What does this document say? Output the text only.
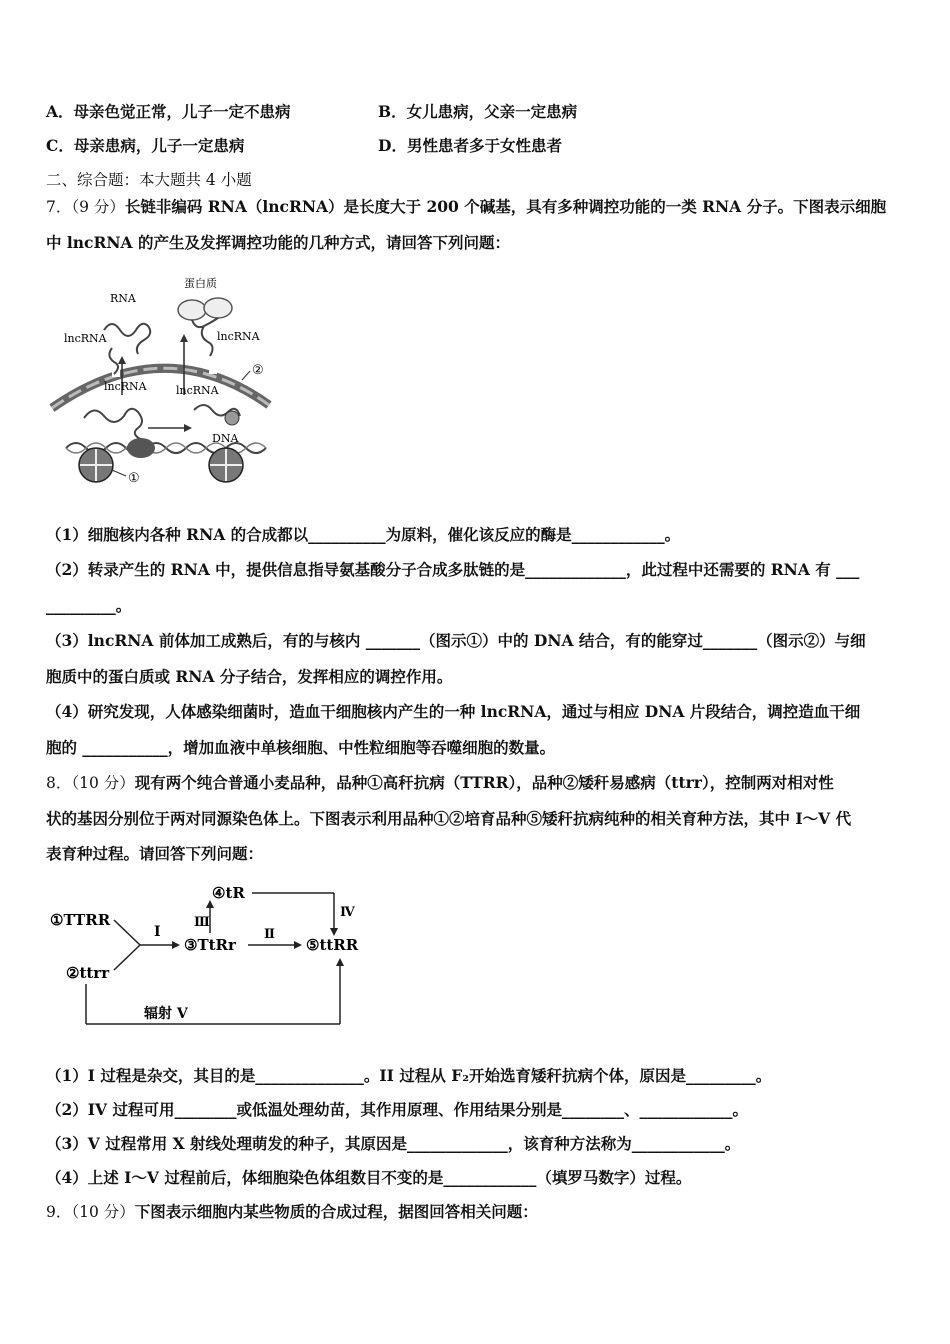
A．母亲色觉正常，儿子一定不患病	B．女儿患病，父亲一定患病
C．母亲患病，儿子一定患病	D．男性患者多于女性患者
二、综合题：本大题共 4 小题
7．（9 分）长链非编码 RNA（lncRNA）是长度大于 200 个碱基，具有多种调控功能的一类 RNA 分子。下图表示细胞
中 lncRNA 的产生及发挥调控功能的几种方式，请回答下列问题：
RNA
lncRNA
蛋白质
lncRNA
②
lncRNA	lncRNA
DNA
①
（1）细胞核内各种 RNA 的合成都以__________为原料，催化该反应的酶是____________。
（2）转录产生的 RNA 中，提供信息指导氨基酸分子合成多肽链的是_____________，此过程中还需要的 RNA 有 ___
_________。
（3）lncRNA 前体加工成熟后，有的与核内 _______（图示①）中的 DNA 结合，有的能穿过_______（图示②）与细
胞质中的蛋白质或 RNA 分子结合，发挥相应的调控作用。
（4）研究发现，人体感染细菌时，造血干细胞核内产生的一种 lncRNA，通过与相应 DNA 片段结合，调控造血干细
胞的 ___________，增加血液中单核细胞、中性粒细胞等吞噬细胞的数量。
8．（10 分）现有两个纯合普通小麦品种，品种①高秆抗病（TTRR），品种②矮秆易感病（ttrr），控制两对相对性
状的基因分别位于两对同源染色体上。下图表示利用品种①②培育品种⑤矮秆抗病纯种的相关育种方法，其中 I～V 代
表育种过程。请回答下列问题：
①TTRR
②ttrr
I
③TtRr
Ⅲ
④tR
Ⅳ
Ⅱ
⑤ttRR
辐射 V
（1）I 过程是杂交，其目的是______________。II 过程从 F₂开始选育矮秆抗病个体，原因是_________。
（2）IV 过程可用________或低温处理幼苗，其作用原理、作用结果分别是________、____________。
（3）V 过程常用 X 射线处理萌发的种子，其原因是_____________，该育种方法称为____________。
（4）上述 I～V 过程前后，体细胞染色体组数目不变的是____________（填罗马数字）过程。
9．（10 分）下图表示细胞内某些物质的合成过程，据图回答相关问题：
